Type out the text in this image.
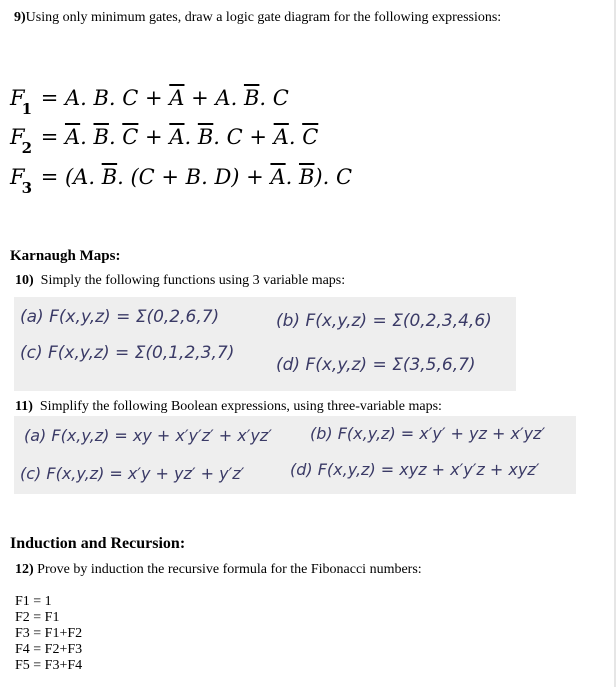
9)Using only minimum gates, draw a logic gate diagram for the following expressions:
$F_1 = A$. B. $C + \overline{A} + A$. $\overline{B}$. C
$F_2 = \overline{A}$. $\overline{B}$. $\overline{C} + \overline{A}$. $\overline{B}$. $C + \overline{A}$. $\overline{C}$
$F_3 = (A$. $\overline{B}$. (C + B. $D) + \overline{A}$. $\overline{B}$). C
Karnaugh Maps:
10) Simply the following functions using 3 variable maps:
(a) F(x,y,z) = Σ(0,2,6,7)	(b) F(x,y,z) = Σ(0,2,3,4,6)
(c) F(x,y,z) = Σ(0,1,2,3,7)
(d) F(x,y,z) = Σ(3,5,6,7)
11) Simplify the following Boolean expressions, using three-variable maps:
(a) F(x,y,z) = xy + x′y′z′ + x′yz′ (b) F(x,y,z) = x′y′ + yz + x′yz′
(c) F(x,y,z) = x′y + yz′ + y′z′	(d) F(x,y,z) = xyz + x′y′z + xyz′
Induction and Recursion:
12) Prove by induction the recursive formula for the Fibonacci numbers:
F1 = 1
F2 = F1
F3 = F1+F2
F4 = F2+F3
F5 = F3+F4
